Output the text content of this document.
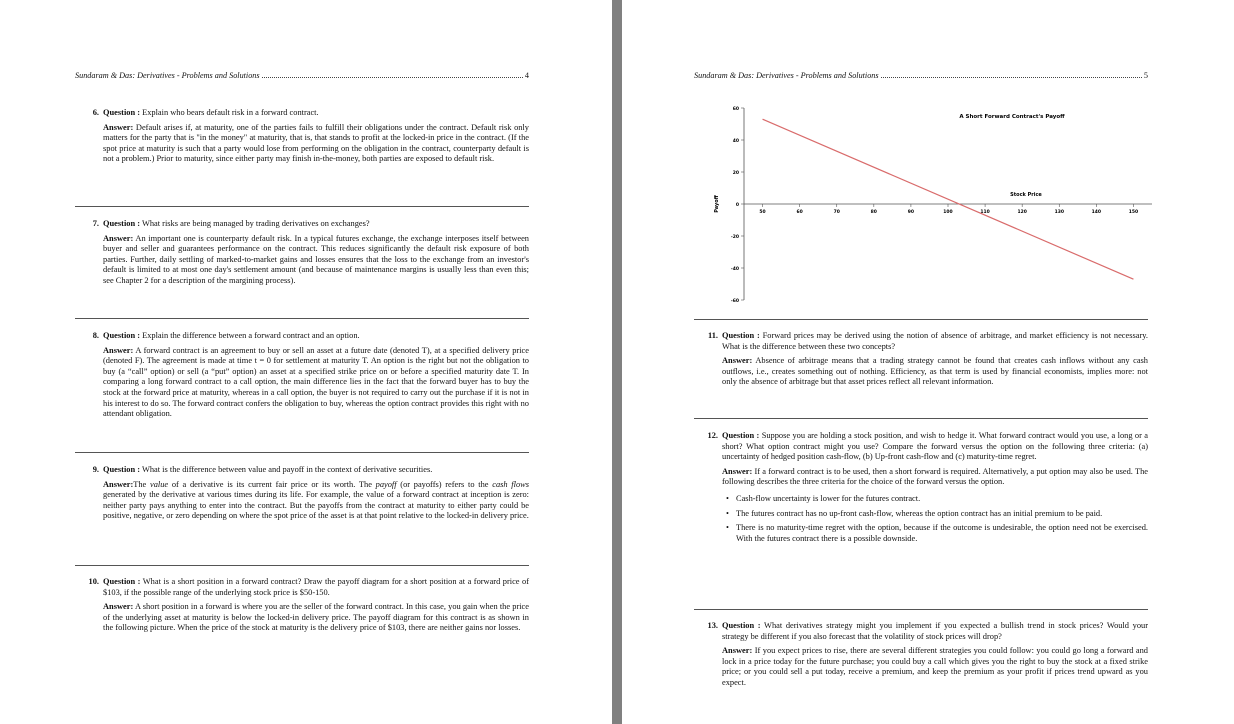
Sundaram & Das: Derivatives - Problems and Solutions	4
6. Question : Explain who bears default risk in a forward contract.
Answer: Default arises if, at maturity, one of the parties fails to fulfill their obligations under the contract. Default risk only matters for the party that is "in the money" at maturity, that is, that stands to profit at the locked-in price in the contract. (If the spot price at maturity is such that a party would lose from performing on the obligation in the contract, counterparty default is not a problem.) Prior to maturity, since either party may finish in-the-money, both parties are exposed to default risk.
7. Question : What risks are being managed by trading derivatives on exchanges?
Answer: An important one is counterparty default risk. In a typical futures exchange, the exchange interposes itself between buyer and seller and guarantees performance on the contract. This reduces significantly the default risk exposure of both parties. Further, daily settling of marked-to-market gains and losses ensures that the loss to the exchange from an investor's default is limited to at most one day's settlement amount (and because of maintenance margins is usually less than even this; see Chapter 2 for a description of the margining process).
8. Question : Explain the difference between a forward contract and an option.
Answer: A forward contract is an agreement to buy or sell an asset at a future date (denoted T), at a specified delivery price (denoted F). The agreement is made at time t = 0 for settlement at maturity T. An option is the right but not the obligation to buy (a “call” option) or sell (a “put” option) an asset at a specified strike price on or before a specified maturity date T. In comparing a long forward contract to a call option, the main difference lies in the fact that the forward buyer has to buy the stock at the forward price at maturity, whereas in a call option, the buyer is not required to carry out the purchase if it is not in his interest to do so. The forward contract confers the obligation to buy, whereas the option contract provides this right with no attendant obligation.
9. Question : What is the difference between value and payoff in the context of derivative securities.
Answer:The value of a derivative is its current fair price or its worth. The payoff (or payoffs) refers to the cash flows generated by the derivative at various times during its life. For example, the value of a forward contract at inception is zero: neither party pays anything to enter into the contract. But the payoffs from the contract at maturity to either party could be positive, negative, or zero depending on where the spot price of the asset is at that point relative to the locked-in delivery price.
10. Question : What is a short position in a forward contract? Draw the payoff diagram for a short position at a forward price of $103, if the possible range of the underlying stock price is $50-150.
Answer: A short position in a forward is where you are the seller of the forward contract. In this case, you gain when the price of the underlying asset at maturity is below the locked-in delivery price. The payoff diagram for this contract is as shown in the following picture. When the price of the stock at maturity is the delivery price of $103, there are neither gains nor losses.
Sundaram & Das: Derivatives - Problems and Solutions	5
A Short Forward Contract's Payoff
Stock Price
Payoff
-60
-40
-20
0
20
40
60
50	60	70	80	90	100	110	120	130	140	150
11. Question : Forward prices may be derived using the notion of absence of arbitrage, and market efficiency is not necessary. What is the difference between these two concepts?
Answer: Absence of arbitrage means that a trading strategy cannot be found that creates cash inflows without any cash outflows, i.e., creates something out of nothing. Efficiency, as that term is used by financial economists, implies more: not only the absence of arbitrage but that asset prices reflect all relevant information.
12. Question : Suppose you are holding a stock position, and wish to hedge it. What forward contract would you use, a long or a short? What option contract might you use? Compare the forward versus the option on the following three criteria: (a) uncertainty of hedged position cash-flow, (b) Up-front cash-flow and (c) maturity-time regret.
Answer: If a forward contract is to be used, then a short forward is required. Alternatively, a put option may also be used. The following describes the three criteria for the choice of the forward versus the option.
• Cash-flow uncertainty is lower for the futures contract.
• The futures contract has no up-front cash-flow, whereas the option contract has an initial premium to be paid.
• There is no maturity-time regret with the option, because if the outcome is undesirable, the option need not be exercised. With the futures contract there is a possible downside.
13. Question : What derivatives strategy might you implement if you expected a bullish trend in stock prices? Would your strategy be different if you also forecast that the volatility of stock prices will drop?
Answer: If you expect prices to rise, there are several different strategies you could follow: you could go long a forward and lock in a price today for the future purchase; you could buy a call which gives you the right to buy the stock at a fixed strike price; or you could sell a put today, receive a premium, and keep the premium as your profit if prices trend upward as you expect.
